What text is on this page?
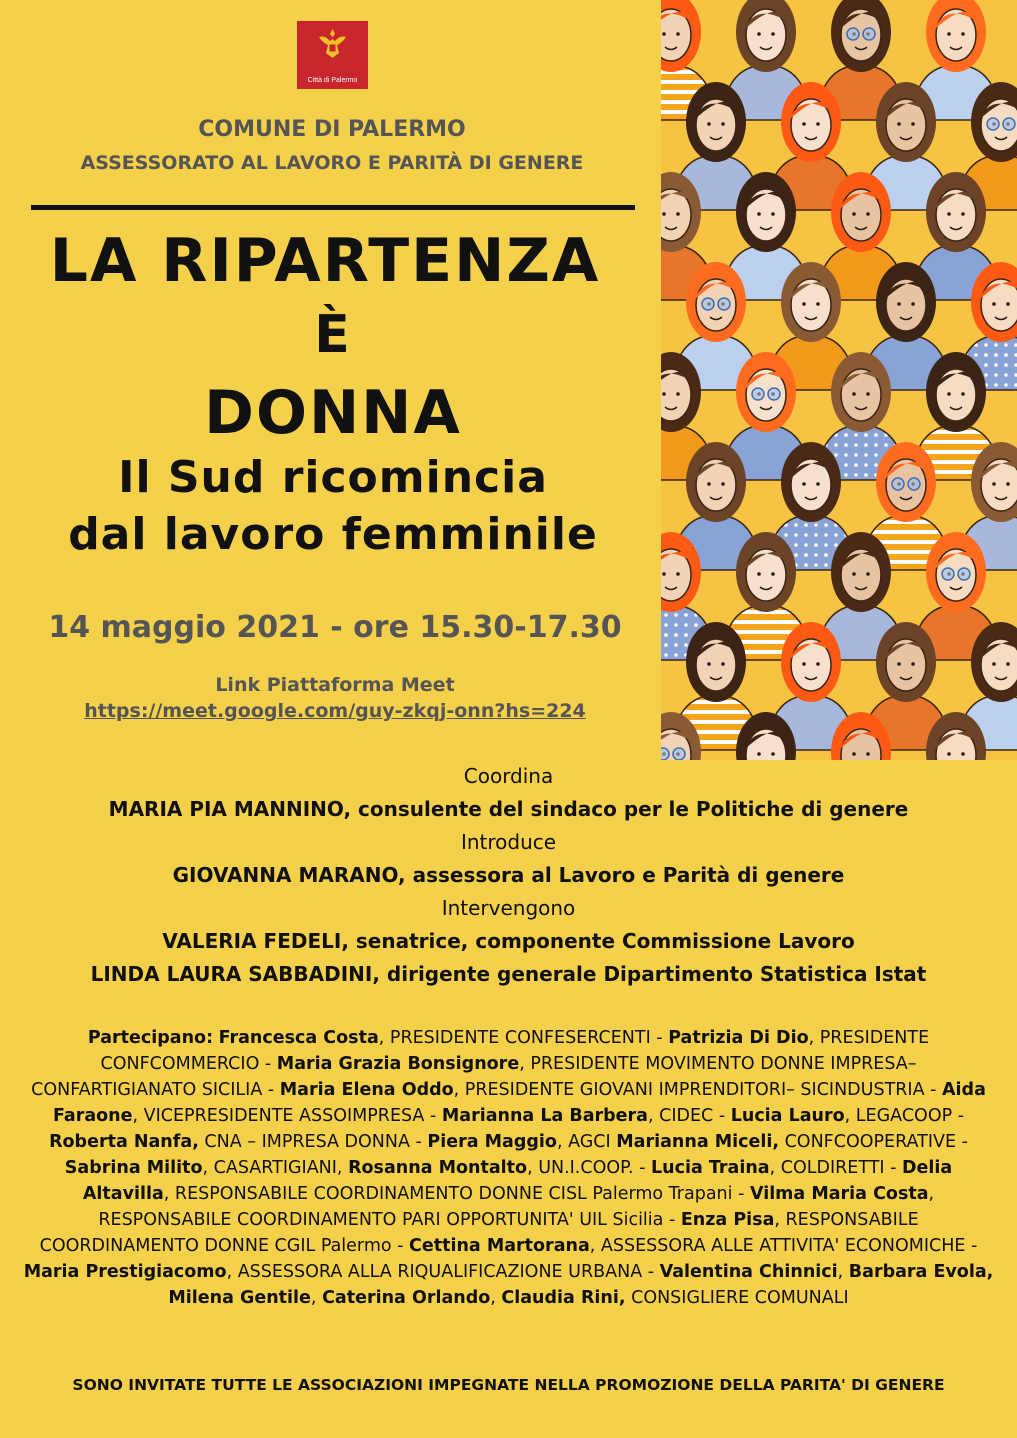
Città di Palermo
COMUNE DI PALERMO
ASSESSORATO AL LAVORO E PARITÀ DI GENERE
LA RIPARTENZA
È
DONNA
Il Sud ricomincia
dal lavoro femminile
14 maggio 2021 - ore 15.30-17.30
Link Piattaforma Meet
https://meet.google.com/guy-zkqj-onn?hs=224
Coordina
MARIA PIA MANNINO, consulente del sindaco per le Politiche di genere
Introduce
GIOVANNA MARANO, assessora al Lavoro e Parità di genere
Intervengono
VALERIA FEDELI, senatrice, componente Commissione Lavoro
LINDA LAURA SABBADINI, dirigente generale Dipartimento Statistica Istat
Partecipano: Francesca Costa, PRESIDENTE CONFESERCENTI - Patrizia Di Dio, PRESIDENTE CONFCOMMERCIO - Maria Grazia Bonsignore, PRESIDENTE MOVIMENTO DONNE IMPRESA– CONFARTIGIANATO SICILIA - Maria Elena Oddo, PRESIDENTE GIOVANI IMPRENDITORI– SICINDUSTRIA - Aida Faraone, VICEPRESIDENTE ASSOIMPRESA - Marianna La Barbera, CIDEC - Lucia Lauro, LEGACOOP - Roberta Nanfa, CNA – IMPRESA DONNA - Piera Maggio, AGCI Marianna Miceli, CONFCOOPERATIVE - Sabrina Milito, CASARTIGIANI, Rosanna Montalto, UN.I.COOP. - Lucia Traina, COLDIRETTI - Delia Altavilla, RESPONSABILE COORDINAMENTO DONNE CISL Palermo Trapani - Vilma Maria Costa, RESPONSABILE COORDINAMENTO PARI OPPORTUNITA' UIL Sicilia - Enza Pisa, RESPONSABILE COORDINAMENTO DONNE CGIL Palermo - Cettina Martorana, ASSESSORA ALLE ATTIVITA' ECONOMICHE - Maria Prestigiacomo, ASSESSORA ALLA RIQUALIFICAZIONE URBANA - Valentina Chinnici, Barbara Evola, Milena Gentile, Caterina Orlando, Claudia Rini, CONSIGLIERE COMUNALI
SONO INVITATE TUTTE LE ASSOCIAZIONI IMPEGNATE NELLA PROMOZIONE DELLA PARITA' DI GENERE
